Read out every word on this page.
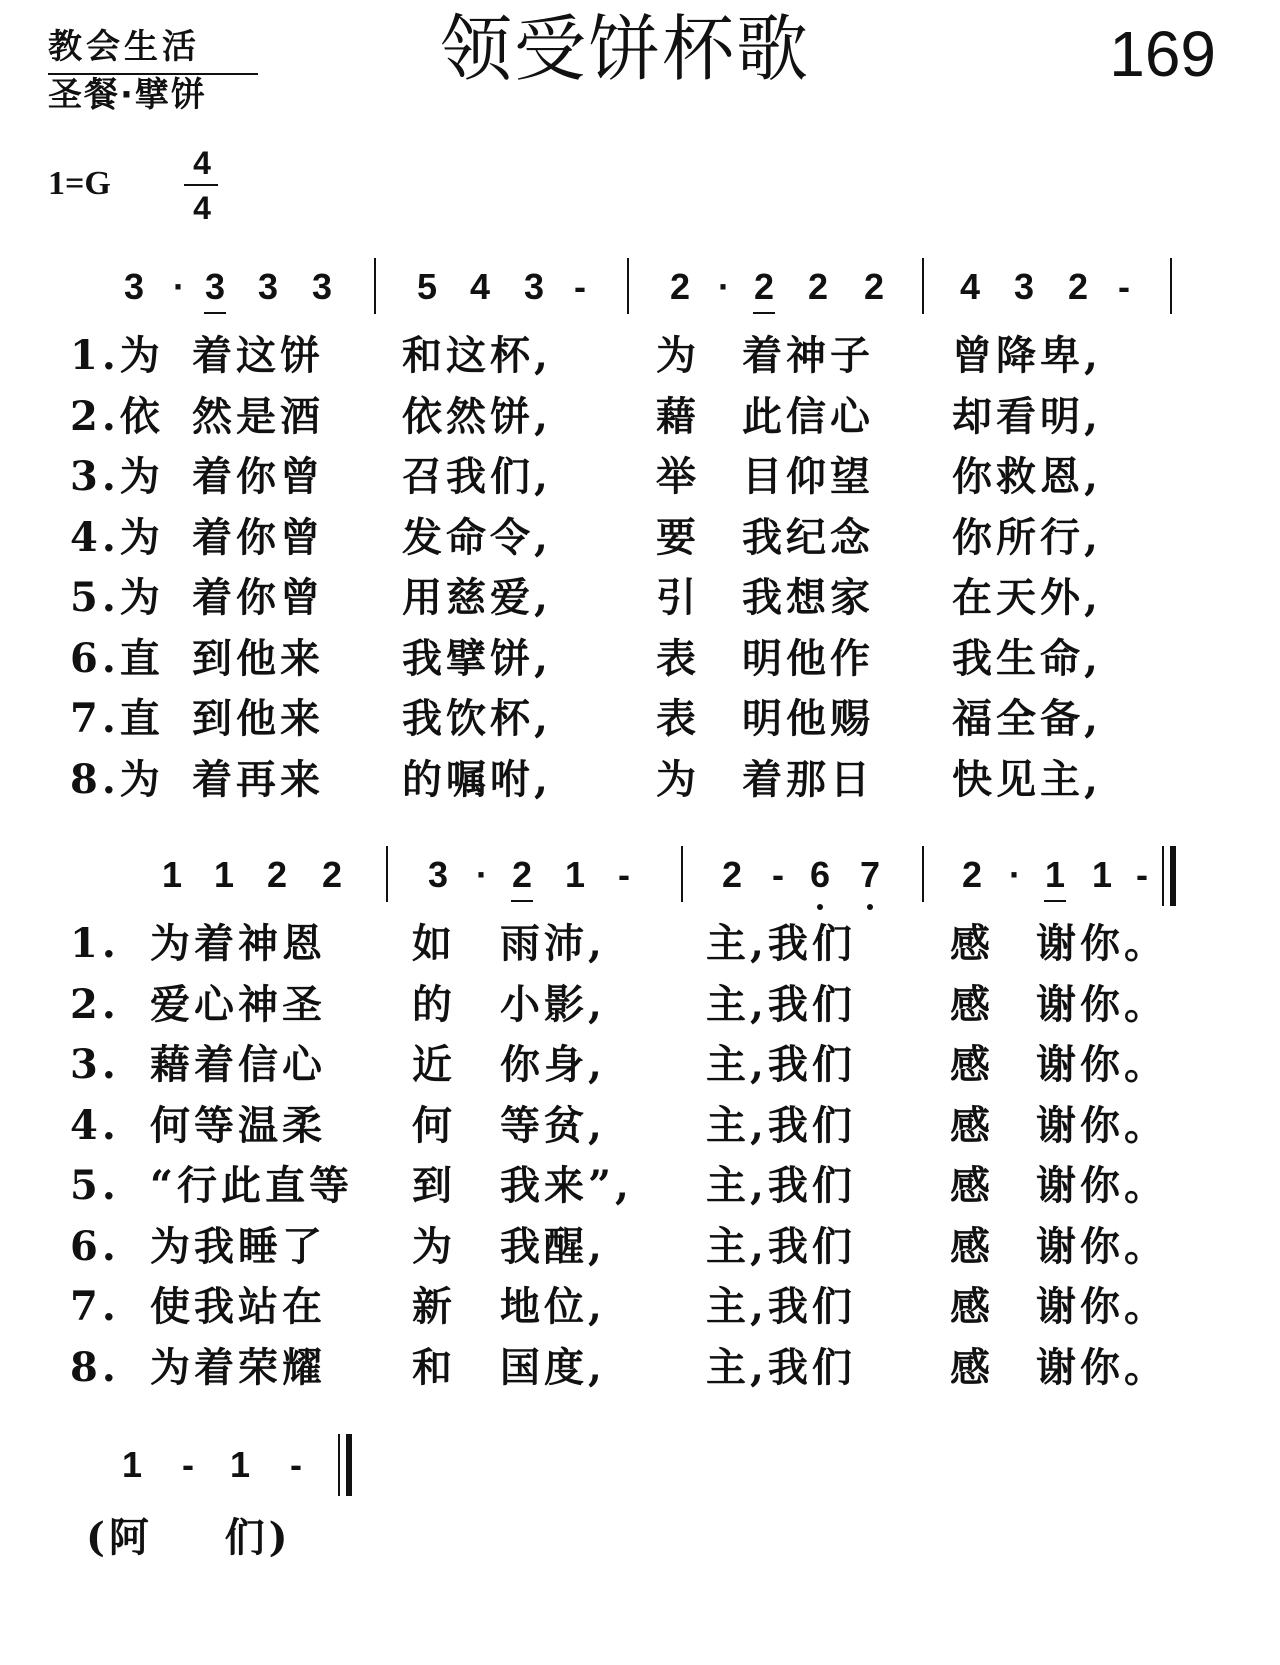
教会生活
圣餐·擘饼
领受饼杯歌	169
1=G
4
4
3 · 3 3 3 5 4 3 - 2 · 2 2 2 4 3 2 -
1.为 着这饼 和这杯,	为 着神子 曾降卑,
2.依 然是酒 依然饼,	藉 此信心 却看明,
3.为 着你曾 召我们,	举 目仰望 你救恩,
4.为 着你曾 发命令,	要 我纪念 你所行,
5.为 着你曾 用慈爱,	引 我想家 在天外,
6.直 到他来 我擘饼,	表 明他作 我生命,
7.直 到他来 我饮杯,	表 明他赐 福全备,
8.为 着再来 的嘱咐,	为 着那日 快见主,
1 1 2 2 3 · 2 1 -	2 - 6 7 2 · 1 1 -
1. 为着神恩 如 雨沛,	主,我们 感 谢你。
2. 爱心神圣 的 小影,	主,我们 感 谢你。
3. 藉着信心 近 你身,	主,我们 感 谢你。
4. 何等温柔 何 等贫,	主,我们 感 谢你。
5. “行此直等 到 我来”, 主,我们 感 谢你。
6. 为我睡了 为 我醒,	主,我们 感 谢你。
7. 使我站在 新 地位,	主,我们 感 谢你。
8. 为着荣耀 和 国度,	主,我们 感 谢你。
1 - 1 -
(阿    们)
